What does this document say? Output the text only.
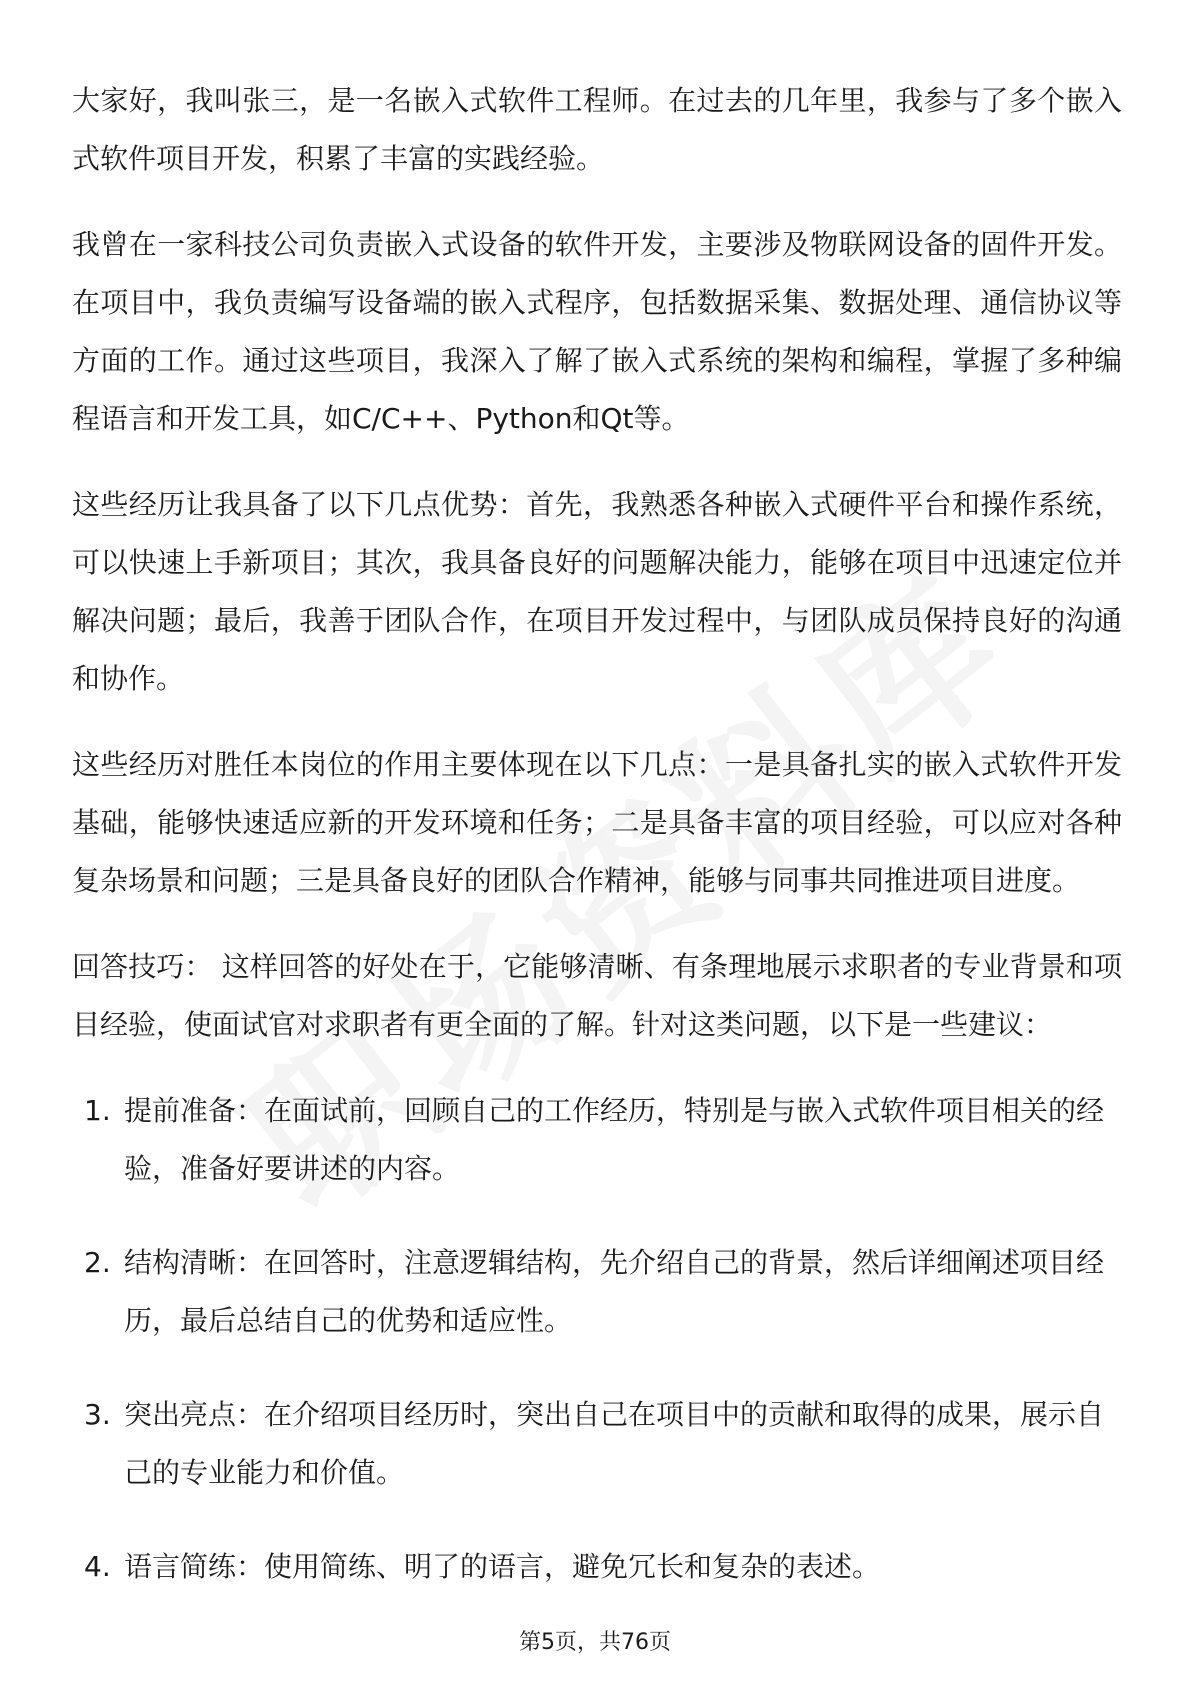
大家好，我叫张三，是一名嵌入式软件工程师。在过去的几年里，我参与了多个嵌入式软件项目开发，积累了丰富的实践经验。

我曾在一家科技公司负责嵌入式设备的软件开发，主要涉及物联网设备的固件开发。在项目中，我负责编写设备端的嵌入式程序，包括数据采集、数据处理、通信协议等方面的工作。通过这些项目，我深入了解了嵌入式系统的架构和编程，掌握了多种编程语言和开发工具，如C/C++、Python和Qt等。

这些经历让我具备了以下几点优势：首先，我熟悉各种嵌入式硬件平台和操作系统，可以快速上手新项目；其次，我具备良好的问题解决能力，能够在项目中迅速定位并解决问题；最后，我善于团队合作，在项目开发过程中，与团队成员保持良好的沟通和协作。

这些经历对胜任本岗位的作用主要体现在以下几点：一是具备扎实的嵌入式软件开发基础，能够快速适应新的开发环境和任务；二是具备丰富的项目经验，可以应对各种复杂场景和问题；三是具备良好的团队合作精神，能够与同事共同推进项目进度。

回答技巧： 这样回答的好处在于，它能够清晰、有条理地展示求职者的专业背景和项目经验，使面试官对求职者有更全面的了解。针对这类问题，以下是一些建议：

1. 提前准备：在面试前，回顾自己的工作经历，特别是与嵌入式软件项目相关的经验，准备好要讲述的内容。
2. 结构清晰：在回答时，注意逻辑结构，先介绍自己的背景，然后详细阐述项目经历，最后总结自己的优势和适应性。
3. 突出亮点：在介绍项目经历时，突出自己在项目中的贡献和取得的成果，展示自己的专业能力和价值。
4. 语言简练：使用简练、明了的语言，避免冗长和复杂的表述。
第5页，共76页
